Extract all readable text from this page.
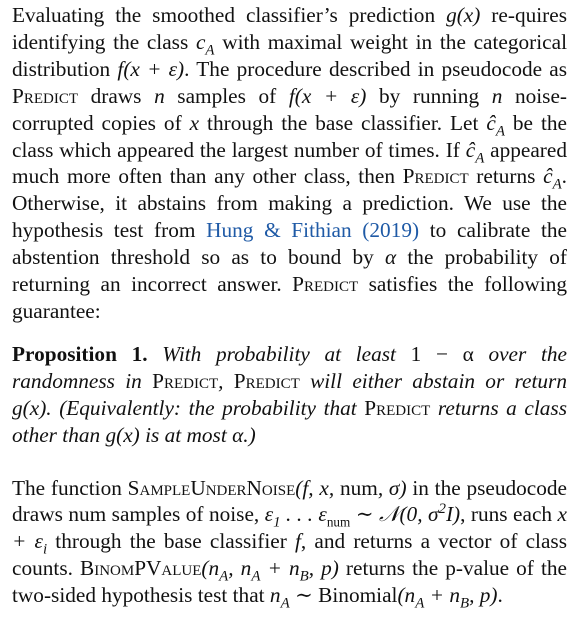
Evaluating the smoothed classifier’s prediction g(x) re-quires identifying the class $c_A$ with maximal weight in the categorical distribution f(x + ε). The procedure described in pseudocode as Predict draws n samples of f(x + ε) by running n noise-corrupted copies of x through the base classifier. Let $ĉ_A$ be the class which appeared the largest number of times. If $ĉ_A$ appeared much more often than any other class, then Predict returns $ĉ_A$. Otherwise, it abstains from making a prediction. We use the hypothesis test from Hung & Fithian (2019) to calibrate the abstention threshold so as to bound by α the probability of returning an incorrect answer. Predict satisfies the following guarantee:

Proposition 1. With probability at least 1 − α over the randomness in Predict, Predict will either abstain or return g(x). (Equivalently: the probability that Predict returns a class other than g(x) is at most α.)

The function SampleUnderNoise(f, x, num, σ) in the pseudocode draws num samples of noise, $\varepsilon_1$ . . . $\varepsilon_{num}$ ∼ 𝒩(0, $\sigma^2I$), runs each $x + \varepsilon_i$ through the base classifier f, and returns a vector of class counts. $BinomPValue(n_A$, $n_A + n_B$, p) returns the p-value of the two-sided hypothesis test that $n_A$ ∼ $Binomial(n_A + n_B$, p).
